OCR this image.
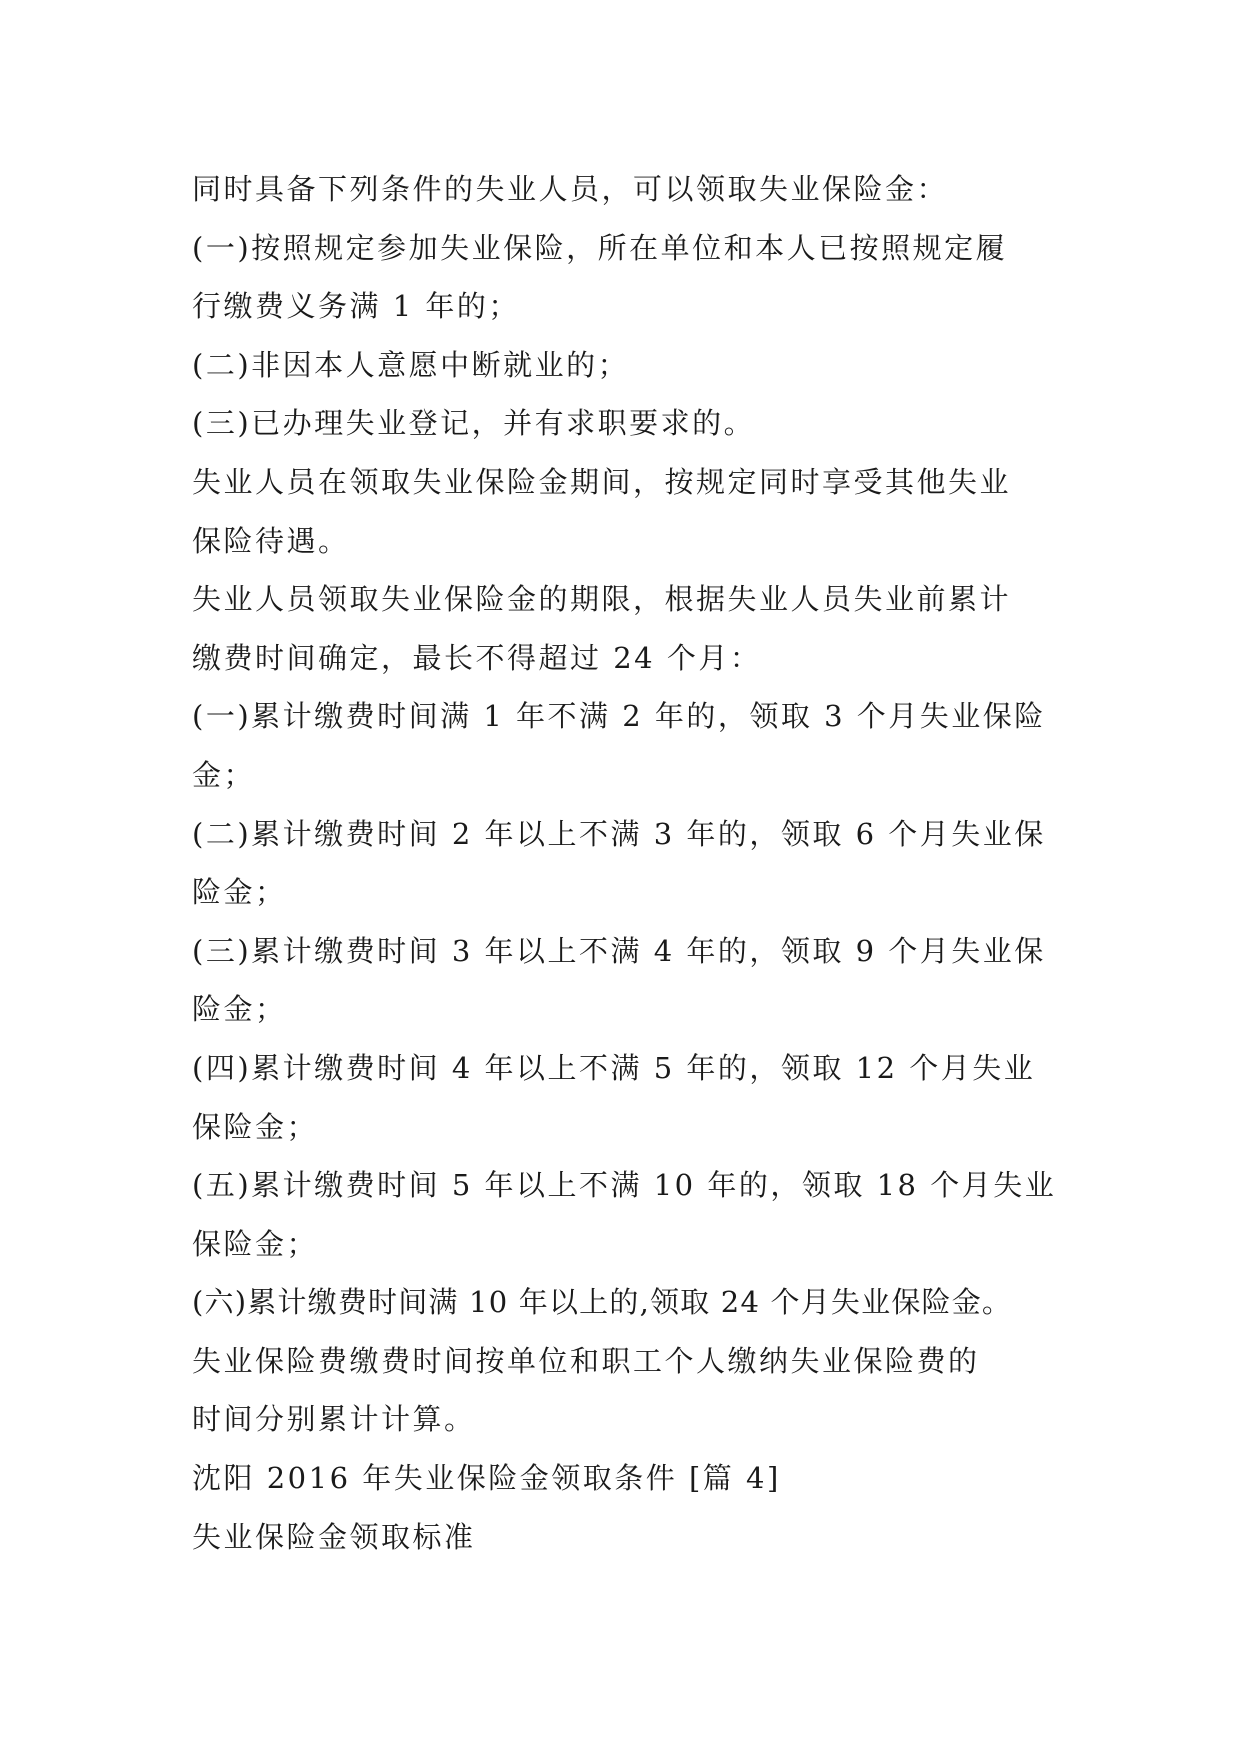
同时具备下列条件的失业人员，可以领取失业保险金：
(一)按照规定参加失业保险，所在单位和本人已按照规定履
行缴费义务满 1 年的；
(二)非因本人意愿中断就业的；
(三)已办理失业登记，并有求职要求的。
失业人员在领取失业保险金期间，按规定同时享受其他失业
保险待遇。
失业人员领取失业保险金的期限，根据失业人员失业前累计
缴费时间确定，最长不得超过 24 个月：
(一)累计缴费时间满 1 年不满 2 年的，领取 3 个月失业保险
金；
(二)累计缴费时间 2 年以上不满 3 年的，领取 6 个月失业保
险金；
(三)累计缴费时间 3 年以上不满 4 年的，领取 9 个月失业保
险金；
(四)累计缴费时间 4 年以上不满 5 年的，领取 12 个月失业
保险金；
(五)累计缴费时间 5 年以上不满 10 年的，领取 18 个月失业
保险金；
(六)累计缴费时间满 10 年以上的,领取 24 个月失业保险金。
失业保险费缴费时间按单位和职工个人缴纳失业保险费的
时间分别累计计算。
沈阳 2016 年失业保险金领取条件 [篇 4]
失业保险金领取标准
